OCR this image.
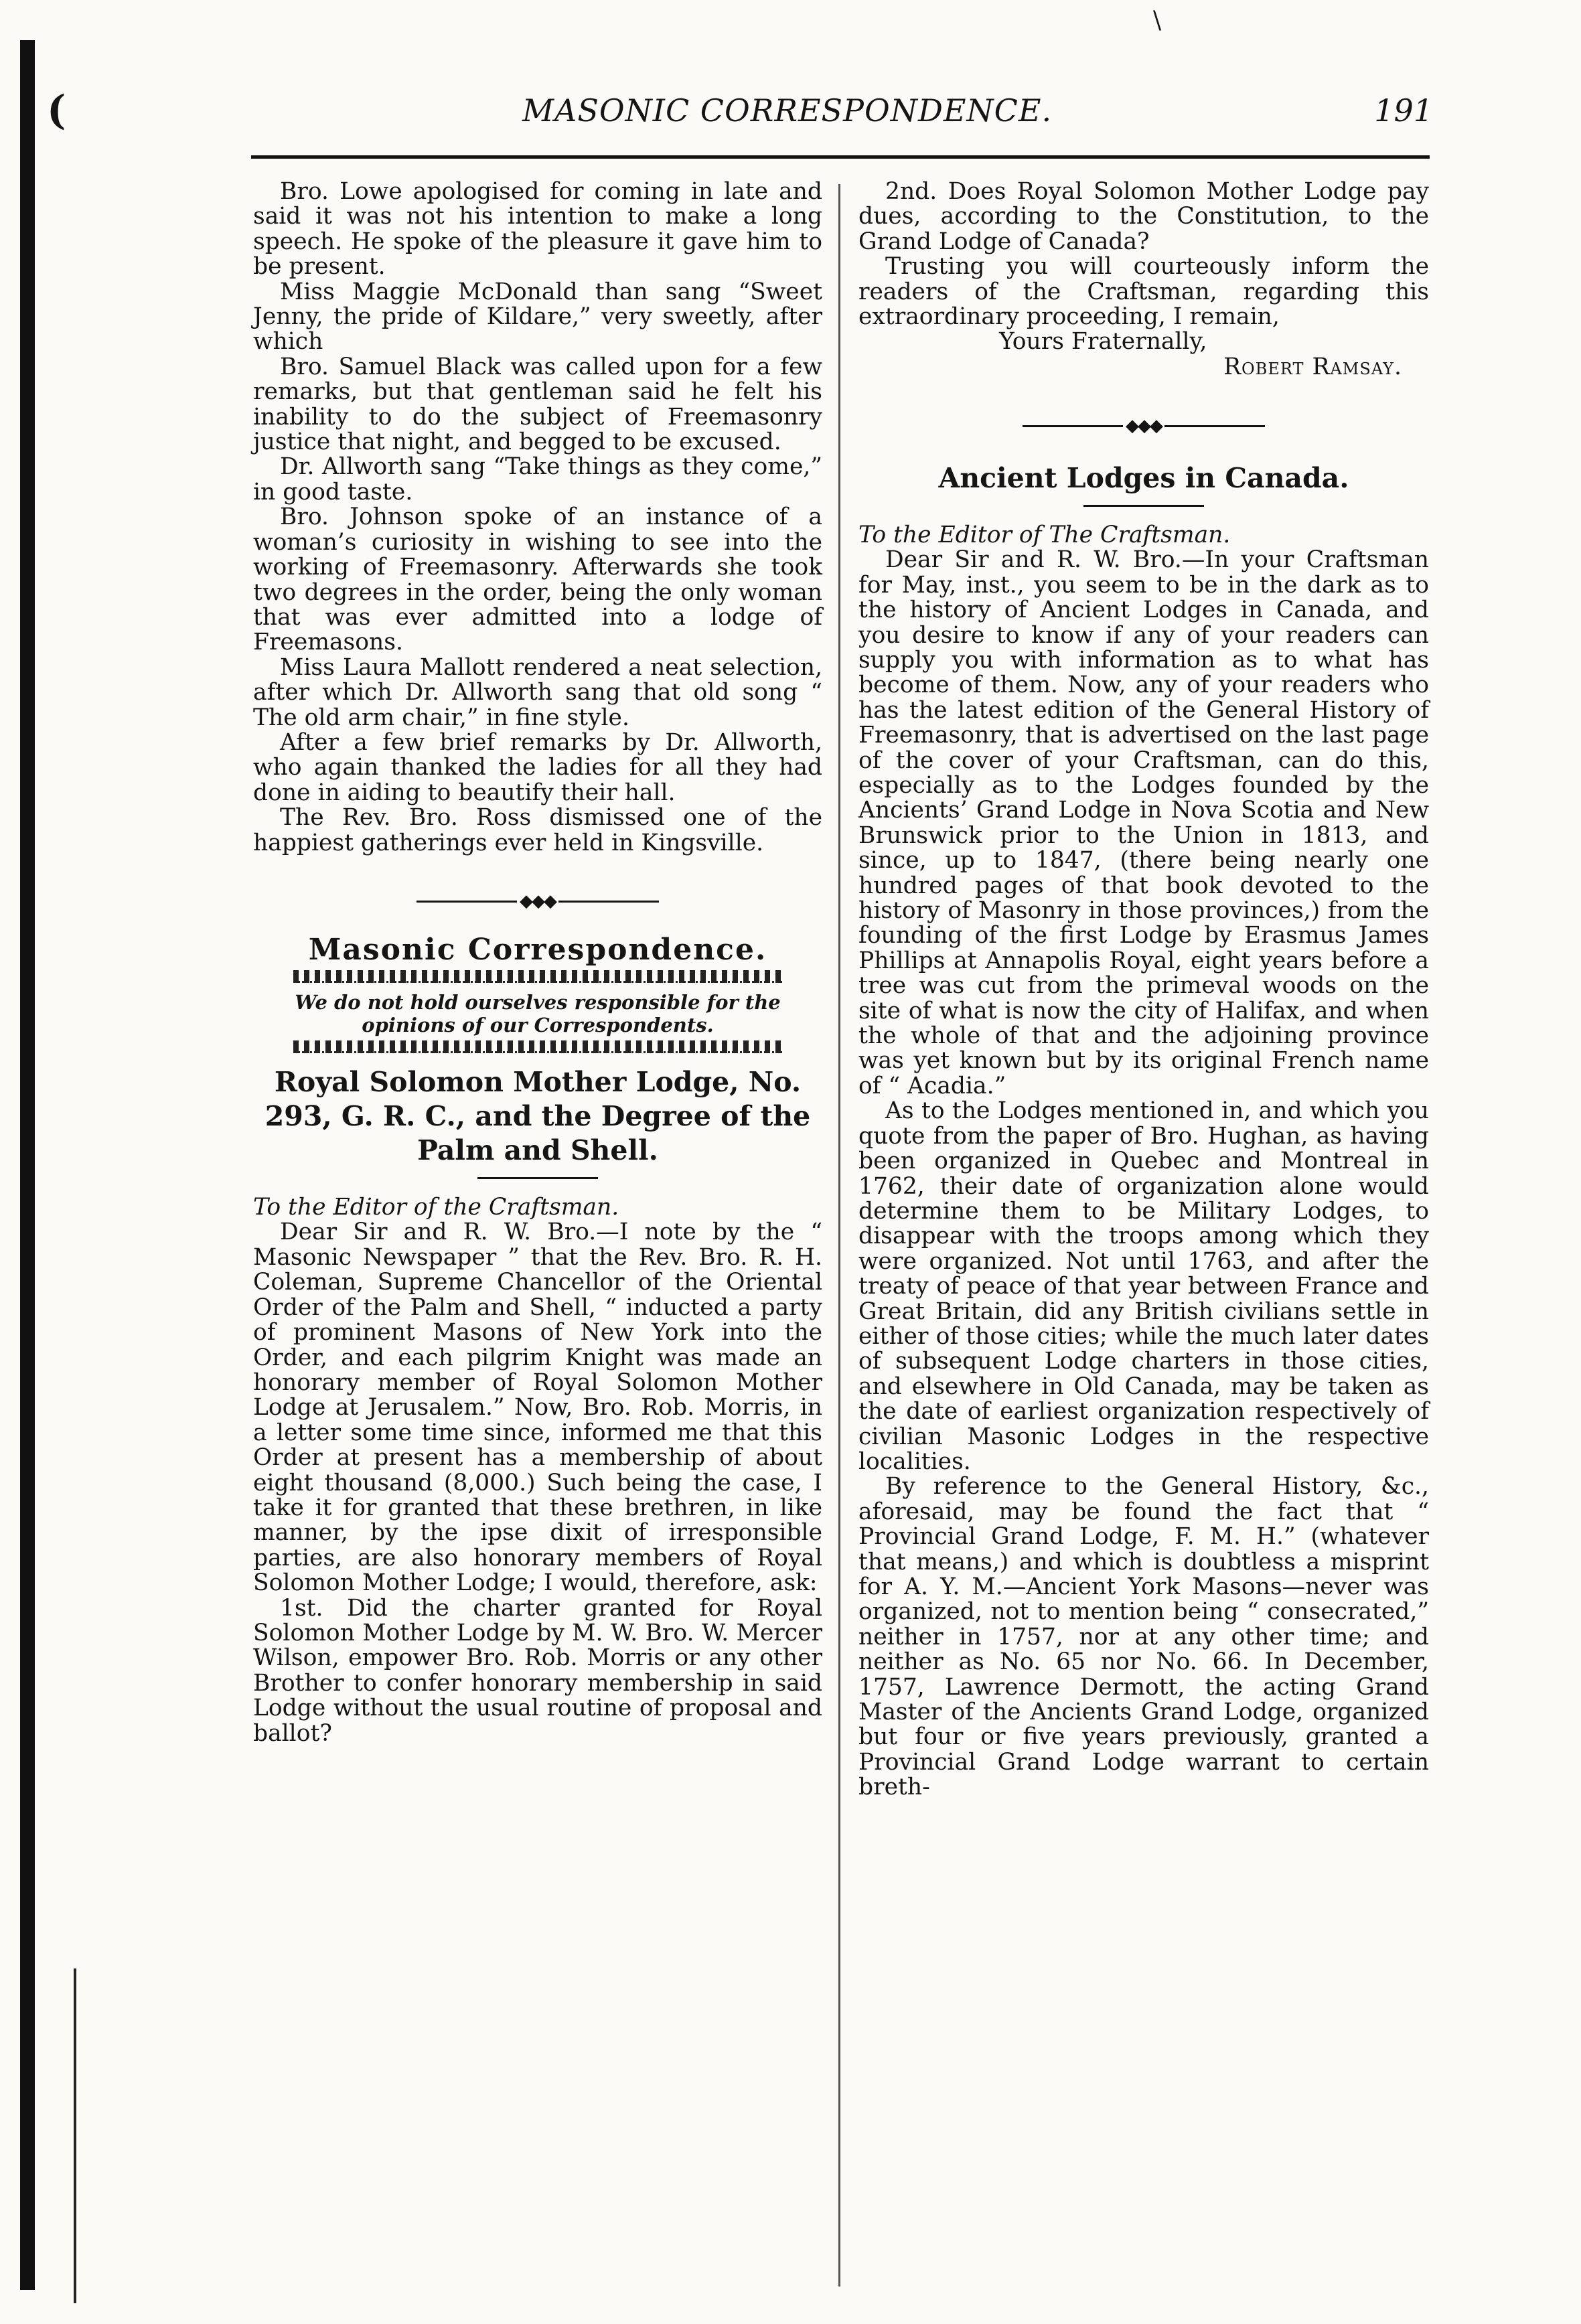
(
\
MASONIC CORRESPONDENCE.	191

Bro. Lowe apologised for coming in late and said it was not his intention to make a long speech. He spoke of the pleasure it gave him to be present.

Miss Maggie McDonald than sang “Sweet Jenny, the pride of Kildare,” very sweetly, after which

Bro. Samuel Black was called upon for a few remarks, but that gentleman said he felt his inability to do the subject of Freemasonry justice that night, and begged to be excused.

Dr. Allworth sang “Take things as they come,” in good taste.

Bro. Johnson spoke of an instance of a woman’s curiosity in wishing to see into the working of Freemasonry. Afterwards she took two degrees in the order, being the only woman that was ever admitted into a lodge of Freemasons.

Miss Laura Mallott rendered a neat selection, after which Dr. Allworth sang that old song “ The old arm chair,” in fine style.

After a few brief remarks by Dr. Allworth, who again thanked the ladies for all they had done in aiding to beautify their hall.

The Rev. Bro. Ross dismissed one of the happiest gatherings ever held in Kingsville.

◆◆◆
Masonic Correspondence.
We do not hold ourselves responsible for the opinions of our Correspondents.
Royal Solomon Mother Lodge, No. 293, G. R. C., and the Degree of the Palm and Shell.

To the Editor of the Craftsman.

Dear Sir and R. W. Bro.—I note by the “ Masonic Newspaper ” that the Rev. Bro. R. H. Coleman, Supreme Chancellor of the Oriental Order of the Palm and Shell, “ inducted a party of prominent Masons of New York into the Order, and each pilgrim Knight was made an honorary member of Royal Solomon Mother Lodge at Jerusalem.” Now, Bro. Rob. Morris, in a letter some time since, informed me that this Order at present has a membership of about eight thousand (8,000.) Such being the case, I take it for granted that these brethren, in like manner, by the ipse dixit of irresponsible parties, are also honorary members of Royal Solomon Mother Lodge; I would, therefore, ask:

1st. Did the charter granted for Royal Solomon Mother Lodge by M. W. Bro. W. Mercer Wilson, empower Bro. Rob. Morris or any other Brother to confer honorary membership in said Lodge without the usual routine of proposal and ballot?

2nd. Does Royal Solomon Mother Lodge pay dues, according to the Constitution, to the Grand Lodge of Canada?

Trusting you will courteously inform the readers of the Craftsman, regarding this extraordinary proceeding, I remain,

Yours Fraternally,

Robert Ramsay.

◆◆◆
Ancient Lodges in Canada.

To the Editor of The Craftsman.

Dear Sir and R. W. Bro.—In your Craftsman for May, inst., you seem to be in the dark as to the history of Ancient Lodges in Canada, and you desire to know if any of your readers can supply you with information as to what has become of them. Now, any of your readers who has the latest edition of the General History of Freemasonry, that is advertised on the last page of the cover of your Craftsman, can do this, especially as to the Lodges founded by the Ancients’ Grand Lodge in Nova Scotia and New Brunswick prior to the Union in 1813, and since, up to 1847, (there being nearly one hundred pages of that book devoted to the history of Masonry in those provinces,) from the founding of the first Lodge by Erasmus James Phillips at Annapolis Royal, eight years before a tree was cut from the primeval woods on the site of what is now the city of Halifax, and when the whole of that and the adjoining province was yet known but by its original French name of “ Acadia.”

As to the Lodges mentioned in, and which you quote from the paper of Bro. Hughan, as having been organized in Quebec and Montreal in 1762, their date of organization alone would determine them to be Military Lodges, to disappear with the troops among which they were organized. Not until 1763, and after the treaty of peace of that year between France and Great Britain, did any British civilians settle in either of those cities; while the much later dates of subsequent Lodge charters in those cities, and elsewhere in Old Canada, may be taken as the date of earliest organization respectively of civilian Masonic Lodges in the respective localities.

By reference to the General History, &c., aforesaid, may be found the fact that “ Provincial Grand Lodge, F. M. H.” (whatever that means,) and which is doubtless a misprint for A. Y. M.—Ancient York Masons—never was organized, not to mention being “ consecrated,” neither in 1757, nor at any other time; and neither as No. 65 nor No. 66. In December, 1757, Lawrence Dermott, the acting Grand Master of the Ancients Grand Lodge, organized but four or five years previously, granted a Provincial Grand Lodge warrant to certain breth-
